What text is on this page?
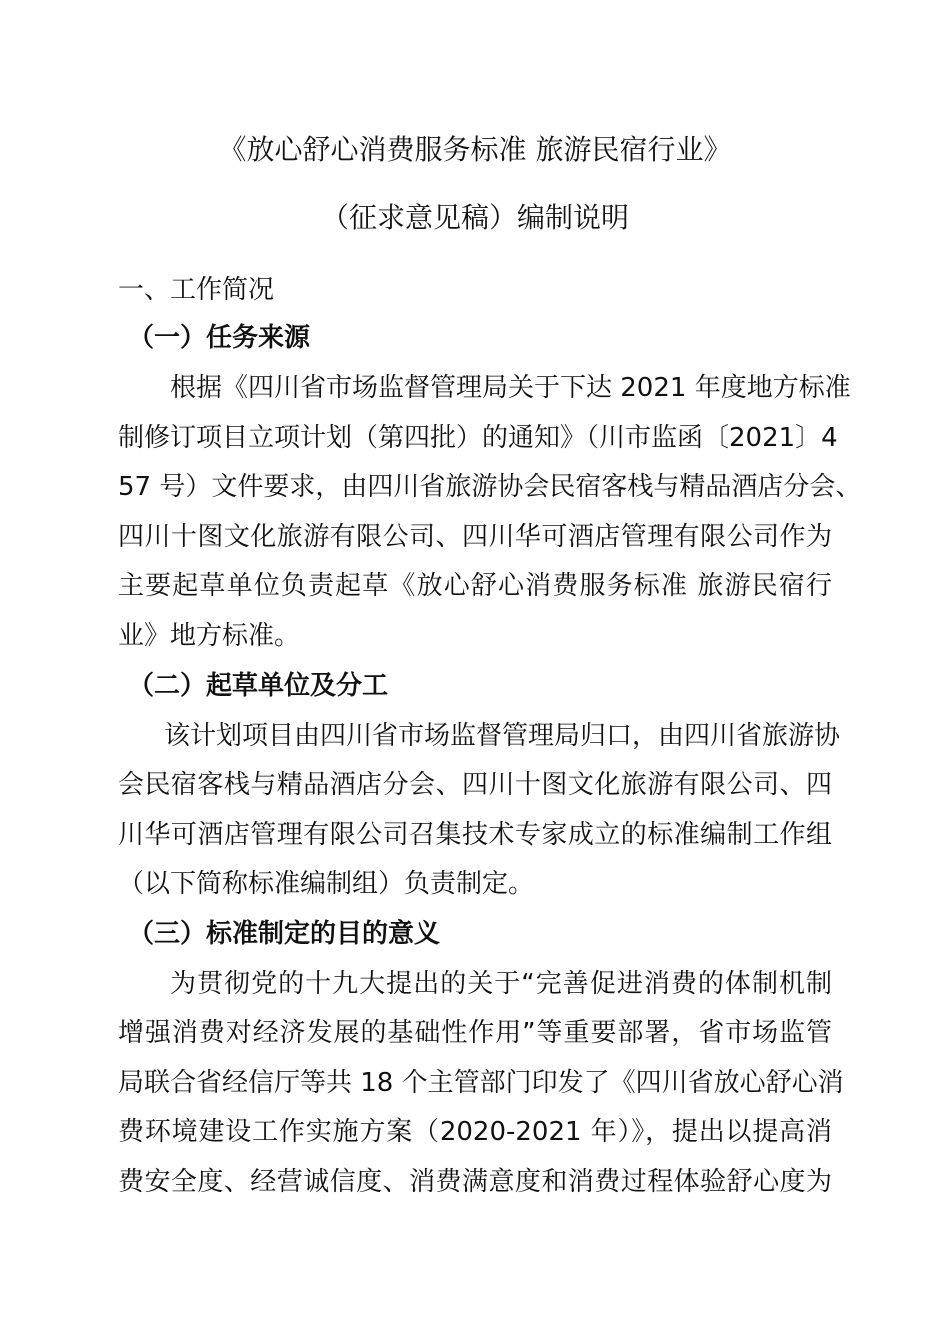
《放心舒心消费服务标准 旅游民宿行业》
（征求意见稿）编制说明
一、工作简况
（一）任务来源
根据《四川省市场监督管理局关于下达 2021 年度地方标准
制修订项目立项计划（第四批）的通知》（川市监函〔2021〕4
57 号）文件要求，由四川省旅游协会民宿客栈与精品酒店分会、
四川十图文化旅游有限公司、四川华可酒店管理有限公司作为
主要起草单位负责起草《放心舒心消费服务标准 旅游民宿行
业》地方标准。
（二）起草单位及分工
该计划项目由四川省市场监督管理局归口，由四川省旅游协
会民宿客栈与精品酒店分会、四川十图文化旅游有限公司、四
川华可酒店管理有限公司召集技术专家成立的标准编制工作组
（以下简称标准编制组）负责制定。
（三）标准制定的目的意义
为贯彻党的十九大提出的关于“完善促进消费的体制机制
增强消费对经济发展的基础性作用”等重要部署，省市场监管
局联合省经信厅等共 18 个主管部门印发了《四川省放心舒心消
费环境建设工作实施方案（2020-2021 年）》，提出以提高消
费安全度、经营诚信度、消费满意度和消费过程体验舒心度为
